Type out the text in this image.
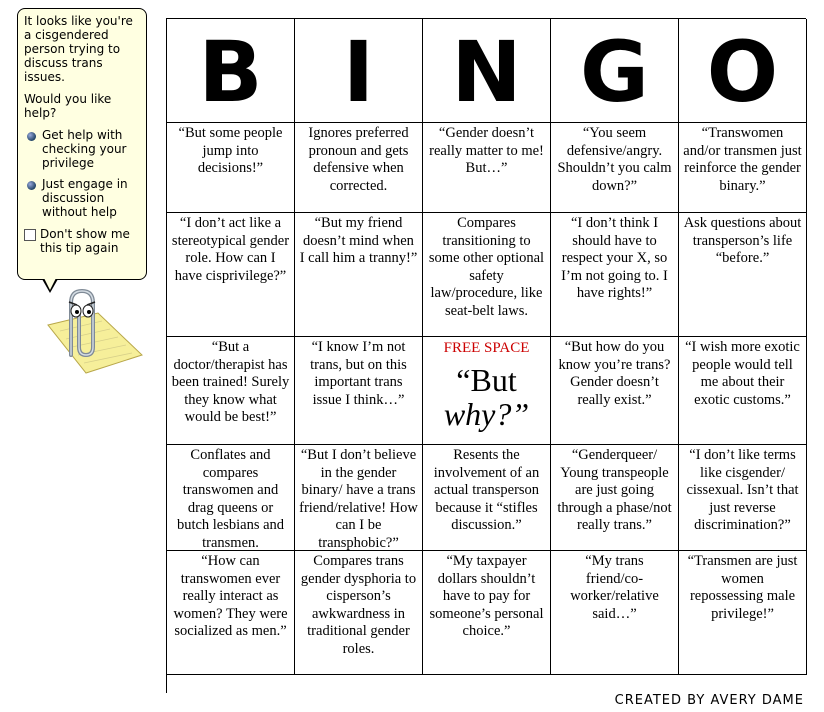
It looks like you're a cisgendered person trying to discuss trans issues.

Would you like help?

Get help with checking your privilege
Just engage in discussion without help
Don't show me this tip again
B I N G O
“But some people jump into decisions!”
Ignores preferred pronoun and gets defensive when corrected.
“Gender doesn’t really matter to me! But…”
“You seem defensive/angry. Shouldn’t you calm down?”
“Transwomen and/or transmen just reinforce the gender binary.”
“I don’t act like a stereotypical gender role. How can I have cisprivilege?”
“But my friend doesn’t mind when I call him a tranny!”
Compares transitioning to some other optional safety law/procedure, like seat-belt laws.
“I don’t think I should have to respect your X, so I’m not going to. I have rights!”
Ask questions about transperson’s life “before.”
“But a doctor/therapist has been trained! Surely they know what would be best!”
“I know I’m not trans, but on this important trans issue I think…”
FREE SPACE
“But
why?”
“But how do you know you’re trans? Gender doesn’t really exist.”
“I wish more exotic people would tell me about their exotic customs.”
Conflates and compares transwomen and drag queens or butch lesbians and transmen.
“But I don’t believe in the gender binary/ have a trans friend/relative! How can I be transphobic?”
Resents the involvement of an actual transperson because it “stifles discussion.”
“Genderqueer/ Young transpeople are just going through a phase/not really trans.”
“I don’t like terms like cisgender/ cissexual. Isn’t that just reverse discrimination?”
“How can transwomen ever really interact as women? They were socialized as men.”
Compares trans gender dysphoria to cisperson’s awkwardness in traditional gender roles.
“My taxpayer dollars shouldn’t have to pay for someone’s personal choice.”
“My trans friend/co-worker/relative said…”
“Transmen are just women repossessing male privilege!”
CREATED BY AVERY DAME
